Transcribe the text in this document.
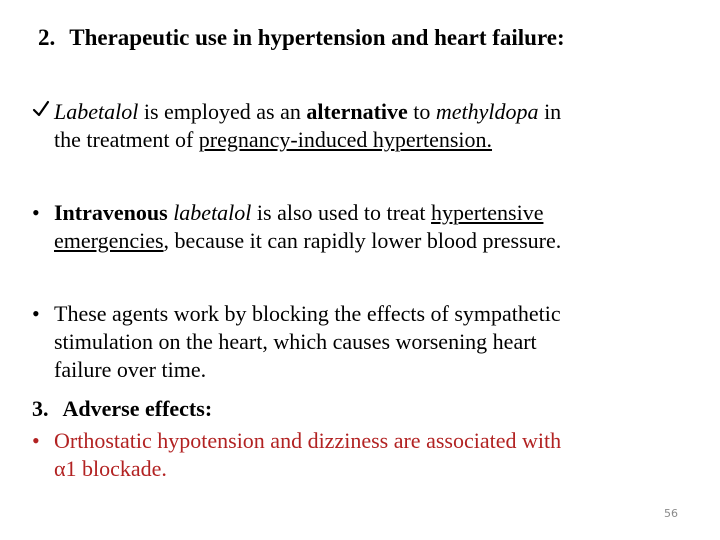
2. Therapeutic use in hypertension and heart failure:
Labetalol is employed as an alternative to methyldopa in
the treatment of pregnancy-induced hypertension.
• Intravenous labetalol is also used to treat hypertensive
emergencies, because it can rapidly lower blood pressure.
• These agents work by blocking the effects of sympathetic
stimulation on the heart, which causes worsening heart
failure over time.
3. Adverse effects:
• Orthostatic hypotension and dizziness are associated with
α1 blockade.
56
